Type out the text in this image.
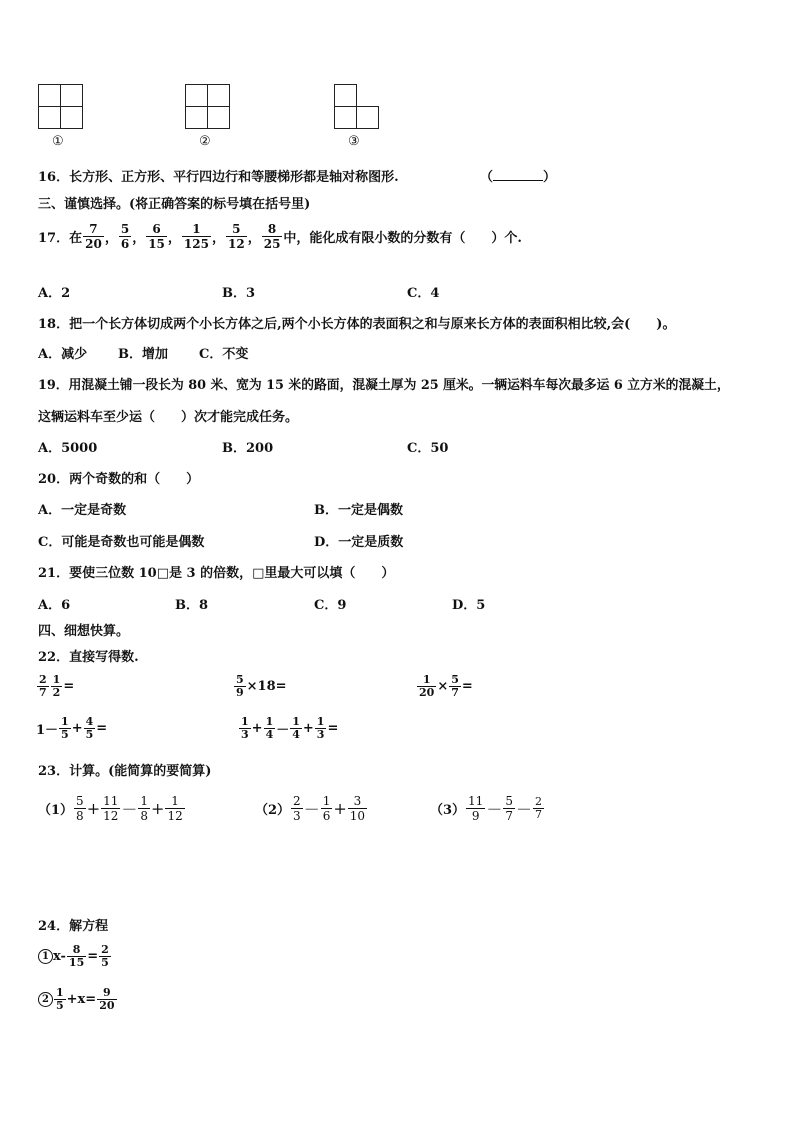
①	②	③
16．长方形、正方形、平行四边行和等腰梯形都是轴对称图形.	（	）
三、谨慎选择。(将正确答案的标号填在括号里)
17． 在 $\frac{7}{20}$ ， $\frac{5}{6}$ ， $\frac{6}{15}$ ， $\frac{1}{125}$ ， $\frac{5}{12}$ ， $\frac{8}{25}$ 中，能化成有限小数的分数有（　　）个.
A．2	B．3	C．4
18．把一个长方体切成两个小长方体之后,两个小长方体的表面积之和与原来长方体的表面积相比较,会(　　)。
A．减少 B．增加 C．不变
19．用混凝土铺一段长为 80 米、宽为 15 米的路面，混凝土厚为 25 厘米。一辆运料车每次最多运 6 立方米的混凝土，
这辆运料车至少运（　　）次才能完成任务。
A．5000	B．200	C．50
20．两个奇数的和（　　）
A．一定是奇数	B．一定是偶数
C．可能是奇数也可能是偶数	D．一定是质数
21．要使三位数 10□是 3 的倍数，□里最大可以填（　　）
A．6	B．8	C．9	D．5
四、细想快算。
22．直接写得数.
$\frac{2}{7} \frac{1}{2}$ =	$\frac{5}{9} \times 18$ =	$\frac{1}{20} \times \frac{5}{7}$ =
$1- \frac{1}{5} + \frac{4}{5}$ =	$\frac{1}{3} + \frac{1}{4} - \frac{1}{4} + \frac{1}{3}$ =
23．计算。(能简算的要简算)
$(1) \frac{5}{8} + \frac{11}{12} - \frac{1}{8} + \frac{1}{12}$	$(2) \frac{2}{3} - \frac{1}{6} + \frac{3}{10}$	$(3) \frac{11}{9} - \frac{5}{7} - \frac{2}{7}$
24．解方程
1 $x- \frac{8}{15} = \frac{2}{5}$
$2 \frac{1}{5} +x= \frac{9}{20}$
